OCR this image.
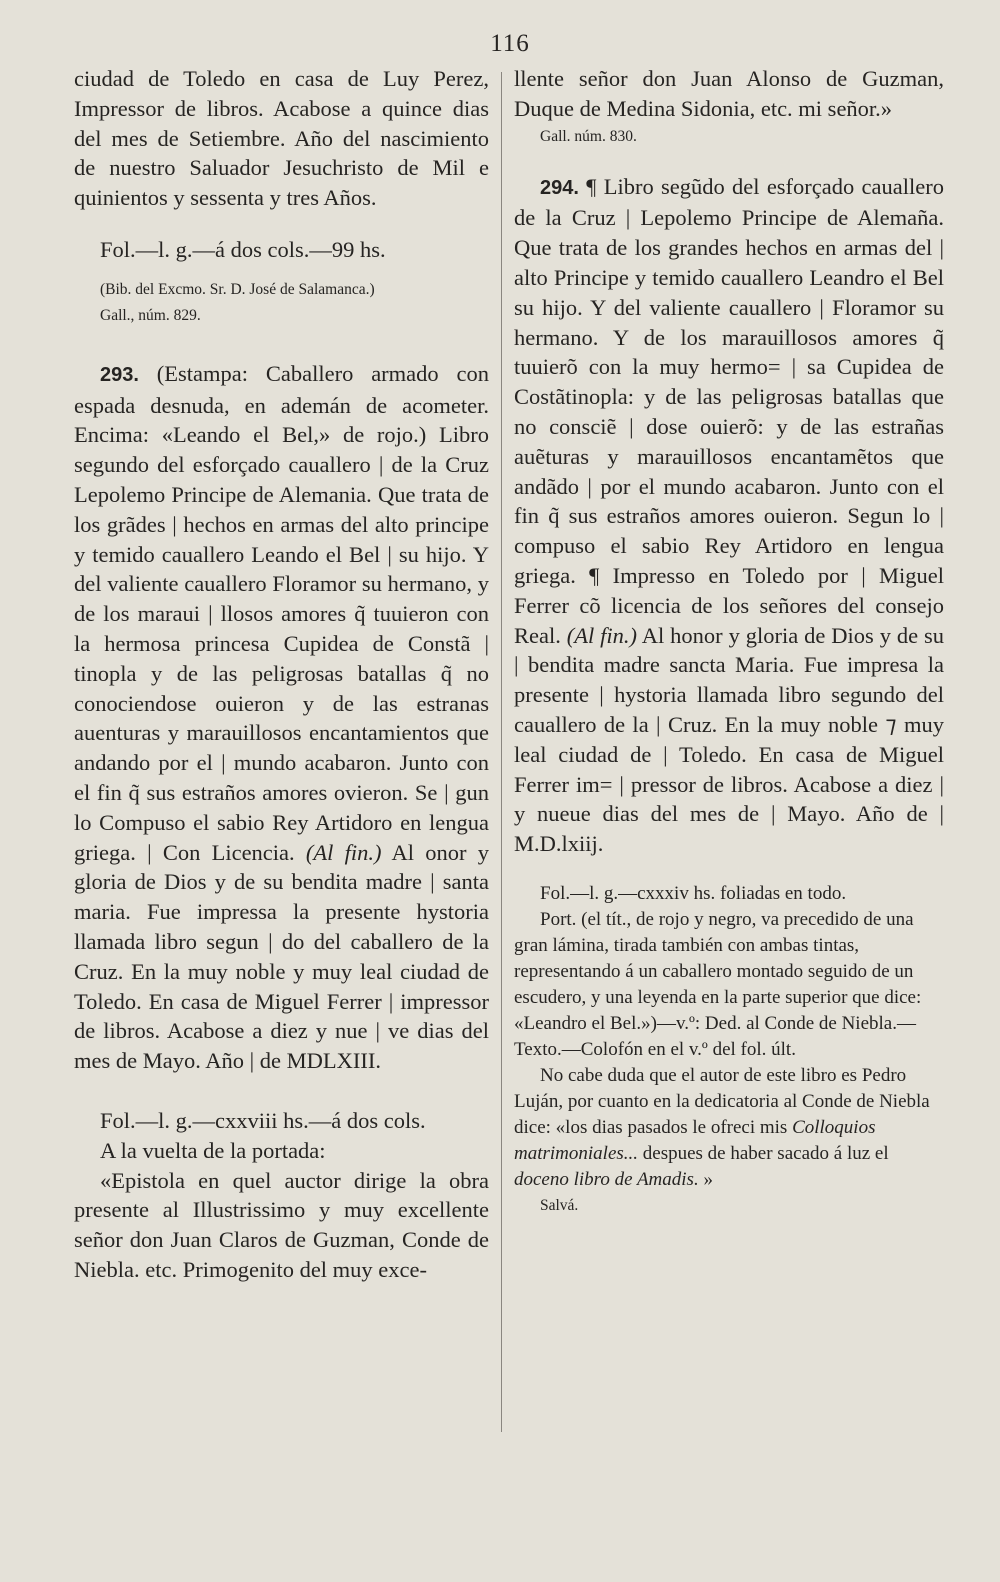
116

ciudad de Toledo en casa de Luy Perez, Impressor de libros. Acabose a quince dias del mes de Setiembre. Año del nascimiento de nuestro Saluador Jesuchristo de Mil e quinientos y sessenta y tres Años.

Fol.—l. g.—á dos cols.—99 hs.

(Bib. del Excmo. Sr. D. José de Salamanca.)

Gall., núm. 829.

293. (Estampa: Caballero armado con espada desnuda, en ademán de acometer. Encima: «Leando el Bel,» de rojo.) Libro segundo del esforçado cauallero | de la Cruz Lepolemo Principe de Alemania. Que trata de los grãdes | hechos en armas del alto principe y temido cauallero Leando el Bel | su hijo. Y del valiente cauallero Floramor su hermano, y de los maraui | llosos amores q̃ tuuieron con la hermosa princesa Cupidea de Constã | tinopla y de las peligrosas batallas q̃ no conociendose ouieron y de las estranas auenturas y marauillosos encantamientos que andando por el | mundo acabaron. Junto con el fin q̃ sus estraños amores ovieron. Se | gun lo Compuso el sabio Rey Artidoro en lengua griega. | Con Licencia. (Al fin.) Al onor y gloria de Dios y de su bendita madre | santa maria. Fue impressa la presente hystoria llamada libro segun | do del caballero de la Cruz. En la muy noble y muy leal ciudad de Toledo. En casa de Miguel Ferrer | impressor de libros. Acabose a diez y nue | ve dias del mes de Mayo. Año | de MDLXIII.

Fol.—l. g.—cxxviii hs.—á dos cols.

A la vuelta de la portada:

«Epistola en quel auctor dirige la obra presente al Illustrissimo y muy excellente señor don Juan Claros de Guzman, Conde de Niebla. etc. Primogenito del muy exce-

llente señor don Juan Alonso de Guzman, Duque de Medina Sidonia, etc. mi señor.»

Gall. núm. 830.

294. ¶ Libro segũdo del esforçado cauallero de la Cruz | Lepolemo Principe de Alemaña. Que trata de los grandes hechos en armas del | alto Principe y temido cauallero Leandro el Bel su hijo. Y del valiente cauallero | Floramor su hermano. Y de los marauillosos amores q̃ tuuierõ con la muy hermo= | sa Cupidea de Costãtinopla: y de las peligrosas batallas que no consciẽ | dose ouierõ: y de las estrañas auẽturas y marauillosos encantamẽtos que andãdo | por el mundo acabaron. Junto con el fin q̃ sus estraños amores ouieron. Segun lo | compuso el sabio Rey Artidoro en lengua griega. ¶ Impresso en Toledo por | Miguel Ferrer cõ licencia de los señores del consejo Real. (Al fin.) Al honor y gloria de Dios y de su | bendita madre sancta Maria. Fue impresa la presente | hystoria llamada libro segundo del cauallero de la | Cruz. En la muy noble ⁊ muy leal ciudad de | Toledo. En casa de Miguel Ferrer im= | pressor de libros. Acabose a diez | y nueue dias del mes de | Mayo. Año de | M.D.lxiij.

Fol.—l. g.—cxxxiv hs. foliadas en todo.

Port. (el tít., de rojo y negro, va precedido de una gran lámina, tirada también con ambas tintas, representando á un caballero montado seguido de un escudero, y una leyenda en la parte superior que dice: «Leandro el Bel.»)—v.º: Ded. al Conde de Niebla.—Texto.—Colofón en el v.º del fol. últ.

No cabe duda que el autor de este libro es Pedro Luján, por cuanto en la dedicatoria al Conde de Niebla dice: «los dias pasados le ofreci mis Colloquios matrimoniales... despues de haber sacado á luz el doceno libro de Amadis. »

Salvá.
